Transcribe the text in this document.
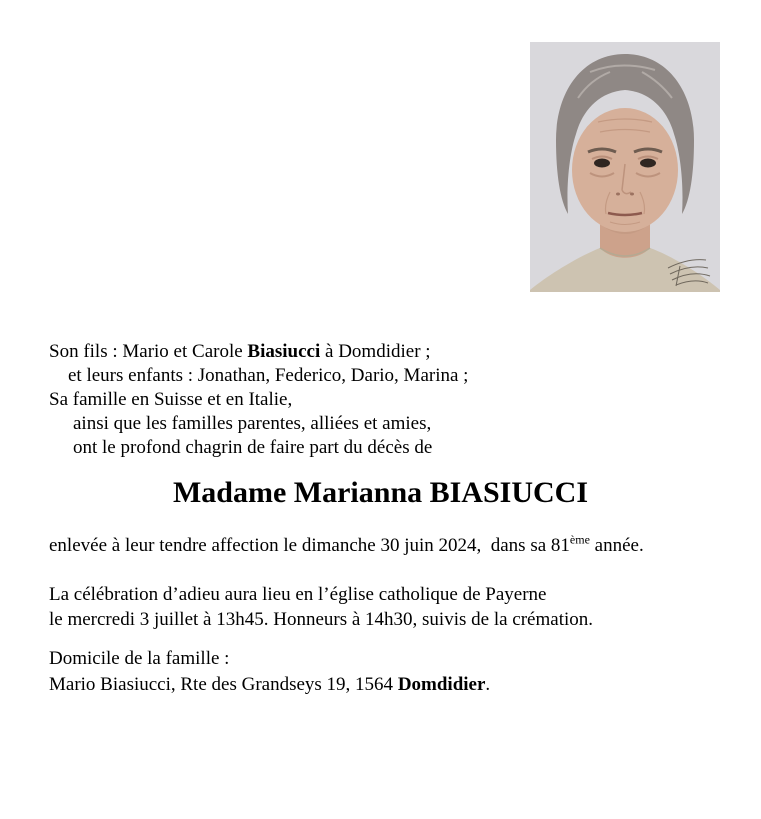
Son fils : Mario et Carole Biasiucci à Domdidier ;

et leurs enfants : Jonathan, Federico, Dario, Marina ;

Sa famille en Suisse et en Italie,

ainsi que les familles parentes, alliées et amies,

ont le profond chagrin de faire part du décès de

Madame Marianna BIASIUCCI

enlevée à leur tendre affection le dimanche 30 juin 2024,  dans sa 81ème année.

La célébration d’adieu aura lieu en l’église catholique de Payerne

le mercredi 3 juillet à 13h45. Honneurs à 14h30, suivis de la crémation.

Domicile de la famille :

Mario Biasiucci, Rte des Grandseys 19, 1564 Domdidier.
